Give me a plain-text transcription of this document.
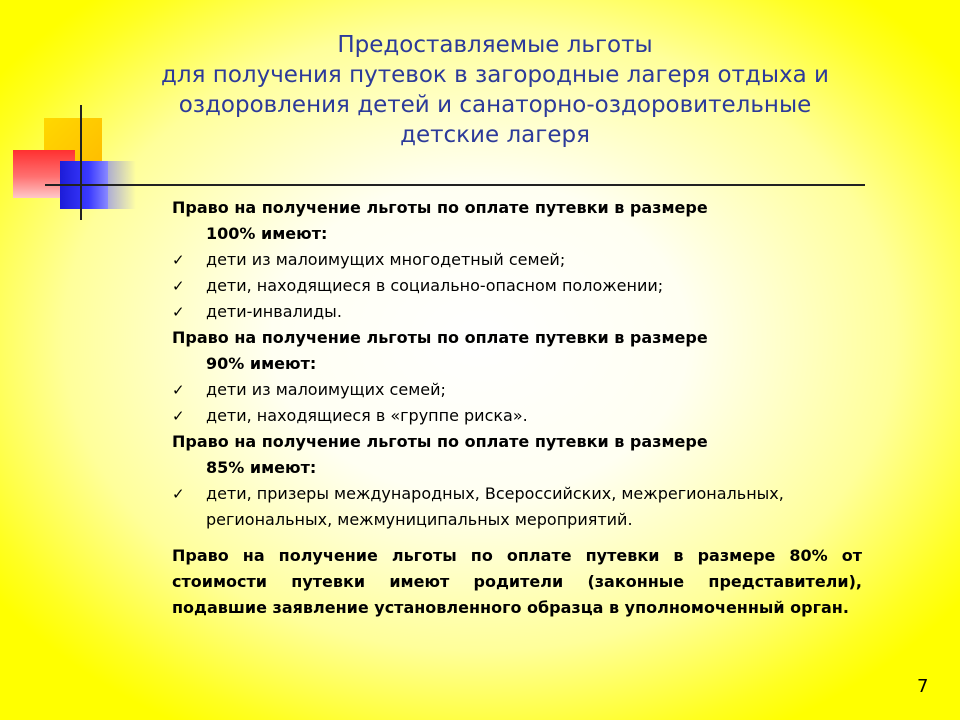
Предоставляемые льготы
для получения путевок в загородные лагеря отдыха и
оздоровления детей и санаторно-оздоровительные
детские лагеря
Право на получение льготы по оплате путевки в размере
100% имеют:
✓ дети из малоимущих многодетный семей;
✓ дети, находящиеся в социально-опасном положении;
✓ дети-инвалиды.
Право на получение льготы по оплате путевки в размере
90% имеют:
✓ дети из малоимущих семей;
✓ дети, находящиеся в «группе риска».
Право на получение льготы по оплате путевки в размере
85% имеют:
✓ дети, призеры международных, Всероссийских, межрегиональных, региональных, межмуниципальных мероприятий.
Право на получение льготы по оплате путевки в размере 80% от стоимости путевки имеют родители (законные представители), подавшие заявление установленного образца в уполномоченный орган.
7
